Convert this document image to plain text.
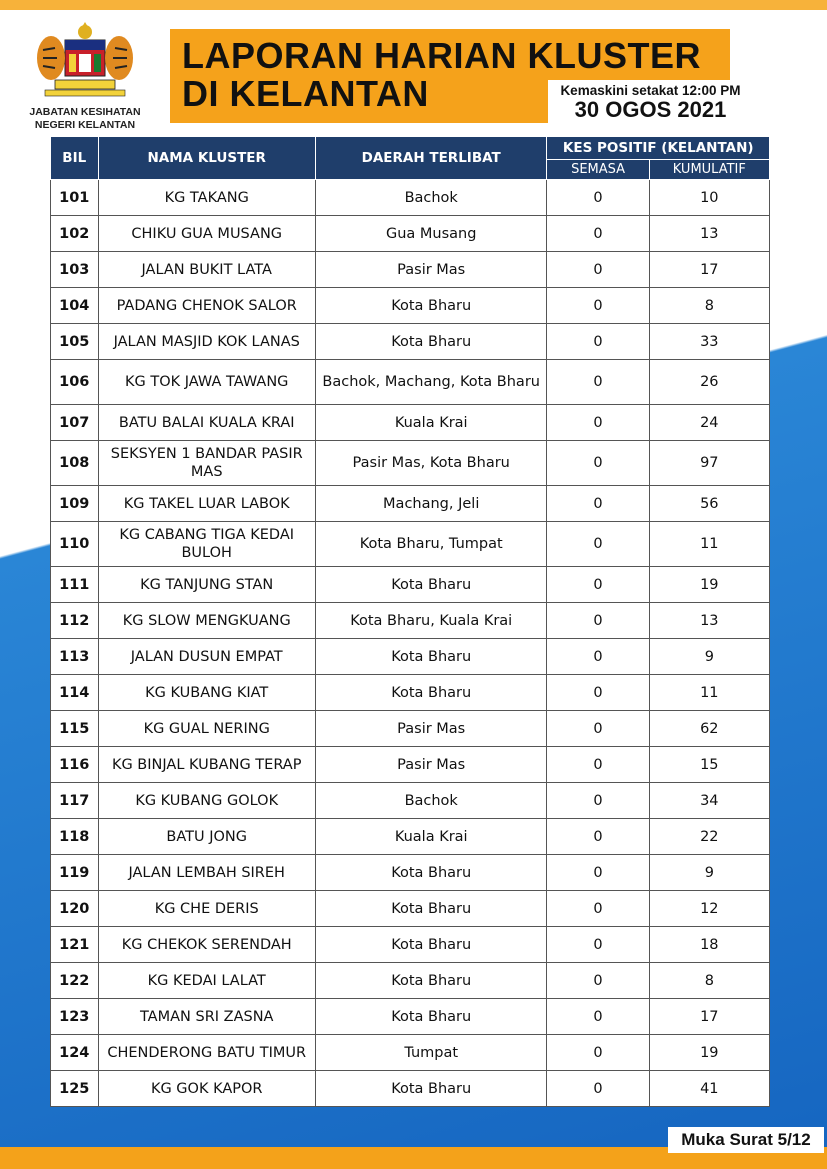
JABATAN KESIHATAN
NEGERI KELANTAN
LAPORAN HARIAN KLUSTER
DI KELANTAN	Kemaskini setakat 12:00 PM
30 OGOS 2021
BIL	NAMA KLUSTER	DAERAH TERLIBAT	KES POSITIF (KELANTAN)	
			SEMASA	KUMULATIF
101	KG TAKANG	Bachok	0	10
102	CHIKU GUA MUSANG	Gua Musang	0	13
103	JALAN BUKIT LATA	Pasir Mas	0	17
104	PADANG CHENOK SALOR	Kota Bharu	0	8
105	JALAN MASJID KOK LANAS	Kota Bharu	0	33
106	KG TOK JAWA TAWANG	Bachok, Machang, Kota Bharu	0	26
107	BATU BALAI KUALA KRAI	Kuala Krai	0	24
108	SEKSYEN 1 BANDAR PASIR MAS	Pasir Mas, Kota Bharu	0	97
109	KG TAKEL LUAR LABOK	Machang, Jeli	0	56
110	KG CABANG TIGA KEDAI BULOH	Kota Bharu, Tumpat	0	11
111	KG TANJUNG STAN	Kota Bharu	0	19
112	KG SLOW MENGKUANG	Kota Bharu, Kuala Krai	0	13
113	JALAN DUSUN EMPAT	Kota Bharu	0	9
114	KG KUBANG KIAT	Kota Bharu	0	11
115	KG GUAL NERING	Pasir Mas	0	62
116	KG BINJAL KUBANG TERAP	Pasir Mas	0	15
117	KG KUBANG GOLOK	Bachok	0	34
118	BATU JONG	Kuala Krai	0	22
119	JALAN LEMBAH SIREH	Kota Bharu	0	9
120	KG CHE DERIS	Kota Bharu	0	12
121	KG CHEKOK SERENDAH	Kota Bharu	0	18
122	KG KEDAI LALAT	Kota Bharu	0	8
123	TAMAN SRI ZASNA	Kota Bharu	0	17
124	CHENDERONG BATU TIMUR	Tumpat	0	19
125	KG GOK KAPOR	Kota Bharu	0	41
Muka Surat 5/12
